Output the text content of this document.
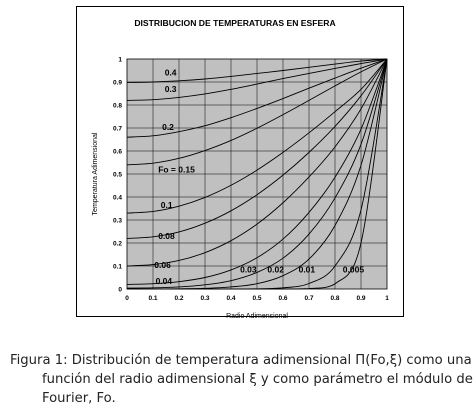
DISTRIBUCION DE TEMPERATURAS EN ESFERA
Temperatura Adimensional
Radio Adimensional
0	0.1	0.2	0.3	0.4	0.5	0.6	0.7	0.8	0.9	1
0
0.1
0.2
0.3
0.4
0.5
0.6
0.7
0.8
0.9
1
0.4
0.3
0.2
Fo = 0.15
0.1
0.08
0.06
0.04
0.03 0.02 0.01	0.005
Figura 1: Distribución de temperatura adimensional Π(Fo,ξ) como una
función del radio adimensional ξ y como parámetro el módulo de
Fourier, Fo.
